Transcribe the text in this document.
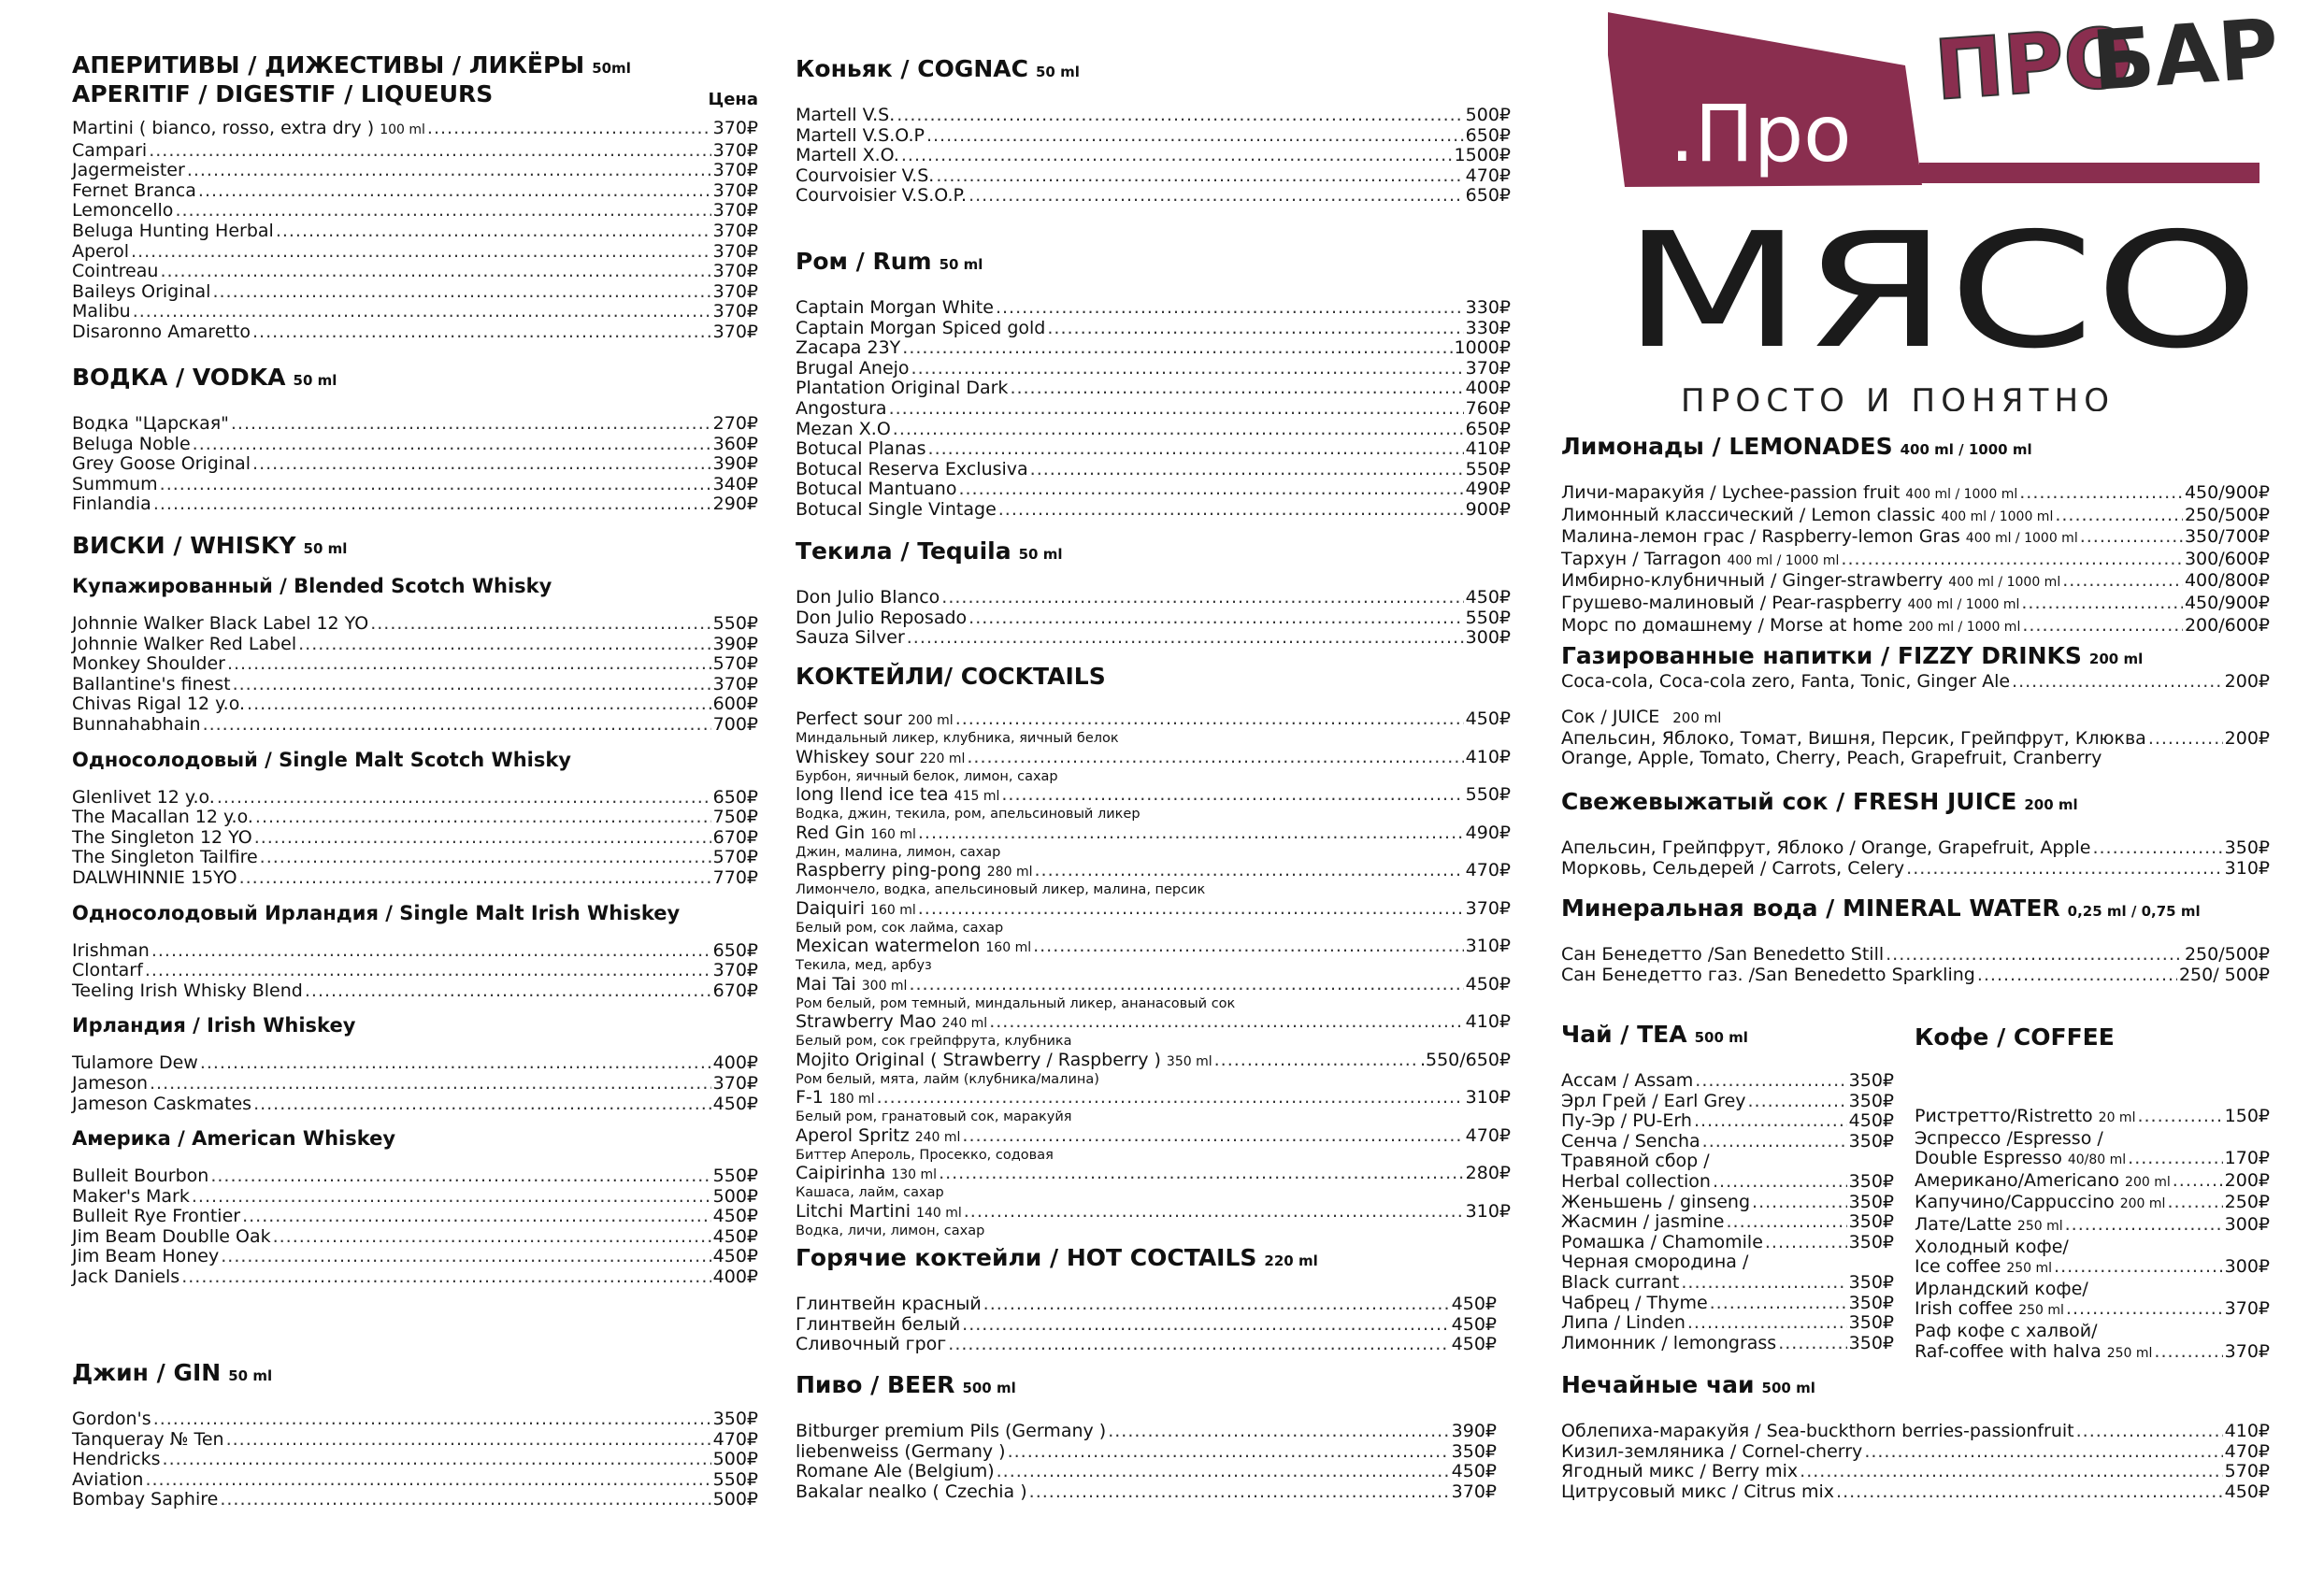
АПЕРИТИВЫ / ДИЖЕСТИВЫ / ЛИКЁРЫ 50ml
APERITIF / DIGESTIF / LIQUEURS	Цена
Martini ( bianco, rosso, extra dry ) 100 ml .....	370₽
Campari .....	370₽
Jagermeister .....	370₽
Fernet Branca .....	370₽
Lemoncello .....	370₽
Beluga Hunting Herbal .....	370₽
Aperol .....	370₽
Cointreau .....	370₽
Baileys Original .....	370₽
Malibu .....	370₽
Disaronno Amaretto .....	370₽
ВОДКА / VODKA 50 ml
Водка "Царская" .....	270₽
Beluga Noble .....	360₽
Grey Goose Original .....	390₽
Summum .....	340₽
Finlandia .....	290₽
ВИСКИ / WHISKY 50 ml
Купажированный / Blended Scotch Whisky
Johnnie Walker Black Label 12 YO .....	550₽
Johnnie Walker Red Label .....	390₽
Monkey Shoulder .....	570₽
Ballantine's finest .....	370₽
Chivas Rigal 12 y.o. .....	600₽
Bunnahabhain .....	700₽
Односолодовый / Single Malt Scotch Whisky
Glenlivet 12 y.o. .....	650₽
The Macallan 12 y.o. .....	750₽
The Singleton 12 YO .....	670₽
The Singleton Tailfire .....	570₽
DALWHINNIE 15YO .....	770₽
Односолодовый Ирландия / Single Malt Irish Whiskey
Irishman .....	650₽
Clontarf .....	370₽
Teeling Irish Whisky Blend .....	670₽
Ирландия / Irish Whiskey
Tulamore Dew .....	400₽
Jameson .....	370₽
Jameson Caskmates .....	450₽
Америка / American Whiskey
Bulleit Bourbon .....	550₽
Maker's Mark .....	500₽
Bulleit Rye Frontier .....	450₽
Jim Beam Doublle Oak .....	450₽
Jim Beam Honey .....	450₽
Jack Daniels .....	400₽
Джин / GIN 50 ml
Gordon's .....	350₽
Tanqueray № Ten .....	470₽
Hendricks .....	500₽
Aviation .....	550₽
Bombay Saphire .....	500₽
Коньяк / COGNAC 50 ml
Martell V.S. .....	500₽
Martell V.S.O.P .....	650₽
Martell X.O. .....	1500₽
Courvoisier V.S. .....	470₽
Courvoisier V.S.O.P. .....	650₽
Ром / Rum 50 ml
Captain Morgan White .....	330₽
Captain Morgan Spiced gold .....	330₽
Zacapa 23Y .....	1000₽
Brugal Anejo .....	370₽
Plantation Original Dark .....	400₽
Angostura .....	760₽
Mezan X.O .....	650₽
Botucal Planas .....	410₽
Botucal Reserva Exclusiva .....	550₽
Botucal Mantuano .....	490₽
Botucal Single Vintage .....	900₽
Текила / Tequila 50 ml
Don Julio Blanco .....	450₽
Don Julio Reposado .....	550₽
Sauza Silver .....	300₽
КОКТЕЙЛИ/ COCKTAILS
Perfect sour 200 ml .....	450₽
Миндальный ликер, клубника, яичный белок
Whiskey sour 220 ml .....	410₽
Бурбон, яичный белок, лимон, сахар
long llend ice tea 415 ml .....	550₽
Водка, джин, текила, ром, апельсиновый ликер
Red Gin 160 ml .....	490₽
Джин, малина, лимон, сахар
Raspberry ping-pong 280 ml .....	470₽
Лимончело, водка, апельсиновый ликер, малина, персик
Daiquiri 160 ml .....	370₽
Белый ром, сок лайма, сахар
Mexican watermelon 160 ml .....	310₽
Текила, мед, арбуз
Mai Tai 300 ml .....	450₽
Ром белый, ром темный, миндальный ликер, ананасовый сок
Strawberry Mao 240 ml .....	410₽
Белый ром, сок грейпфрута, клубника
Mojito Original ( Strawberry / Raspberry ) 350 ml .....	.550/650₽
Ром белый, мята, лайм (клубника/малина)
F-1 180 ml .....	310₽
Белый ром, гранатовый сок, маракуйя
Aperol Spritz 240 ml .....	470₽
Биттер Апероль, Просекко, содовая
Caipirinha 130 ml .....	280₽
Кашаса, лайм, сахар
Litchi Martini 140 ml .....	310₽
Водка, личи, лимон, сахар
Горячие коктейли / HOT COCTAILS 220 ml
Глинтвейн красный .....	450₽
Глинтвейн белый .....	450₽
Сливочный грог .....	450₽
Пиво / BEER 500 ml
Bitburger premium Pils (Germany ) .....	390₽
liebenweiss (Germany ) .....	350₽
Romane Ale (Belgium) .....	450₽
Bakalar nealko ( Czechia ) .....	370₽
.Про
ПРО
БАР
МЯСО
ПРОСТО И ПОНЯТНО
Лимонады / LEMONADES 400 ml / 1000 ml
Личи-маракуйя / Lychee-passion fruit 400 ml / 1000 ml .....	450/900₽
Лимонный классический / Lemon classic 400 ml / 1000 ml .....	250/500₽
Малина-лемон грас / Raspberry-lemon Gras 400 ml / 1000 ml .....	350/700₽
Тархун / Tarragon 400 ml / 1000 ml .....	300/600₽
Имбирно-клубничный / Ginger-strawberry 400 ml / 1000 ml .....	400/800₽
Грушево-малиновый / Pear-raspberry 400 ml / 1000 ml .....	450/900₽
Морс по домашнему / Morse at home 200 ml / 1000 ml .....	200/600₽
Газированные напитки / FIZZY DRINKS 200 ml
Coca-cola, Coca-cola zero, Fanta, Tonic, Ginger Ale .....	200₽
Сок / JUICE 200 ml
Апельсин, Яблоко, Томат, Вишня, Персик, Грейпфрут, Клюква .....	200₽
Orange, Apple, Tomato, Cherry, Peach, Grapefruit, Cranberry
Свежевыжатый сок / FRESH JUICE 200 ml
Апельсин, Грейпфрут, Яблоко / Orange, Grapefruit, Apple .....	350₽
Морковь, Сельдерей / Carrots, Celery .....	310₽
Минеральная вода / MINERAL WATER 0,25 ml / 0,75 ml
Сан Бенедетто /San Benedetto Still .....	250/500₽
Сан Бенедетто газ. /San Benedetto Sparkling .....	250/ 500₽
Чай / TEA 500 ml
Ассам / Assam .....	350₽
Эрл Грей / Earl Grey .....	350₽
Пу-Эр / PU-Erh .....	450₽
Сенча / Sencha .....	350₽
Травяной сбор /
Herbal collection .....	350₽
Женьшень / ginseng .....	350₽
Жасмин / jasmine .....	350₽
Ромашка / Chamomile .....	350₽
Черная смородина /
Black currant .....	350₽
Чабрец / Thyme .....	350₽
Липа / Linden .....	350₽
Лимонник / lemongrass .....	350₽
Кофе / COFFEE
Ристретто/Ristretto 20 ml .....	150₽
Эспрессо /Espresso /
Double Espresso 40/80 ml .....	170₽
Американо/Americano 200 ml .....	200₽
Капучино/Cappuccino 200 ml .....	250₽
Лате/Latte 250 ml .....	300₽
Холодный кофе/
Ice coffee 250 ml .....	300₽
Ирландский кофе/
Irish coffee 250 ml .....	370₽
Раф кофе с халвой/
Raf-coffee with halva 250 ml .....	370₽
Нечайные чаи 500 ml
Облепиха-маракуйя / Sea-buckthorn berries-passionfruit .....	410₽
Кизил-земляника / Cornel-cherry .....	470₽
Ягодный микс / Berry mix .....	570₽
Цитрусовый микс / Citrus mix .....	450₽
